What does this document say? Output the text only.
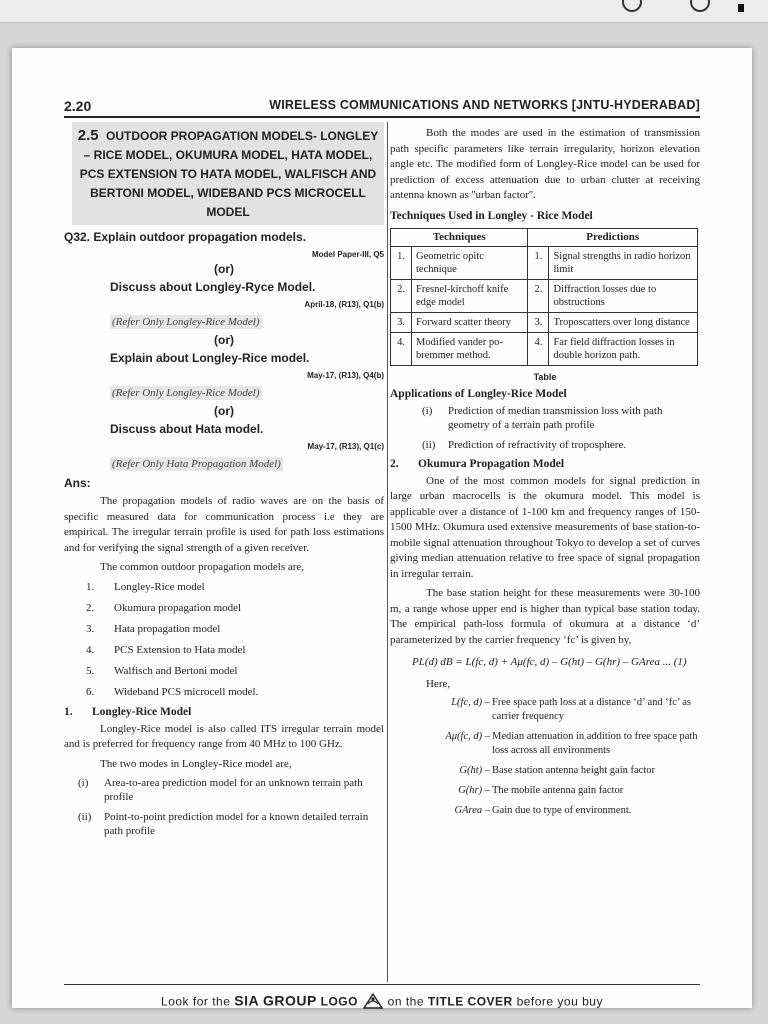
2.20	WIRELESS COMMUNICATIONS AND NETWORKS [JNTU-HYDERABAD]
2.5 OUTDOOR PROPAGATION MODELS- LONGLEY – RICE MODEL, OKUMURA MODEL, HATA MODEL, PCS EXTENSION TO HATA MODEL, WALFISCH AND BERTONI MODEL, WIDEBAND PCS MICROCELL MODEL
Q32. Explain outdoor propagation models.
Model Paper-III, Q5
(or)
Discuss about Longley-Ryce Model.
April-18, (R13), Q1(b)
(Refer Only Longley-Rice Model)
(or)
Explain about Longley-Rice model.
May-17, (R13), Q4(b)
(Refer Only Longley-Rice Model)
(or)
Discuss about Hata model.
May-17, (R13), Q1(c)
(Refer Only Hata Propagation Model)
Ans:

The propagation models of radio waves are on the basis of specific measured data for communication process i.e they are empirical. The irregular terrain profile is used for path loss estimations and for verifying the signal strength of a given receiver.

The common outdoor propagation models are,

1.	Longley-Rice model
2.	Okumura propagation model
3.	Hata propagation model
4.	PCS Extension to Hata model
5.	Walfisch and Bertoni model
6.	Wideband PCS microcell model.
1.	Longley-Rice Model

Longley-Rice model is also called ITS irregular terrain model and is preferred for frequency range from 40 MHz to 100 GHz.

The two modes in Longley-Rice model are,

(i)	Area-to-area prediction model for an unknown terrain path profile
(ii)	Point-to-point prediction model for a known detailed terrain path profile

Both the modes are used in the estimation of transmission path specific parameters like terrain irregularity, horizon elevation angle etc. The modified form of Longley-Rice model can be used for prediction of excess attenuation due to urban clutter at receiving antenna known as ''urban factor''.

Techniques Used in Longley - Rice Model
Techniques		Predictions	
1.	Geometric opitc technique	1.	Signal strengths in radio horizon limit
2.	Fresnel-kirchoff knife edge model	2.	Diffraction losses due to obstructions
3.	Forward scatter theory	3.	Troposcatters over long distance
4.	Modified vander po-bremmer method.	4.	Far field diffraction losses in double horizon path.
Table
Applications of Longley-Rice Model
(i)	Prediction of median transmission loss with path geometry of a terrain path profile
(ii)	Prediction of refractivity of troposphere.
2.	Okumura Propagation Model

One of the most common models for signal prediction in large urban macrocells is the okumura model. This model is applicable over a distance of 1-100 km and frequency ranges of 150-1500 MHz. Okumura used extensive measurements of base station-to-mobile signal attenuation throughout Tokyo to develop a set of curves giving median attenuation relative to free space of signal propagation in irregular terrain.

The base station height for these measurements were 30-100 m, a range whose upper end is higher than typical base station today. The empirical path-loss formula of okumura at a distance ‘d’ parameterized by the carrier frequency ‘fc’ is given by,

PL(d) dB = L(fc, d) + Aμ(fc, d) – G(ht) – G(hr) – GArea ... (1)
Here,
L(fc, d) – Free space path loss at a distance ‘d’ and ‘fc’ as carrier frequency
Aμ(fc, d) – Median attenuation in addition to free space path loss across all environments
G(ht) – Base station antenna height gain factor
G(hr) – The mobile antenna gain factor
GArea – Gain due to type of environment.
Look for the SIA GROUP LOGO on the TITLE COVER before you buy
